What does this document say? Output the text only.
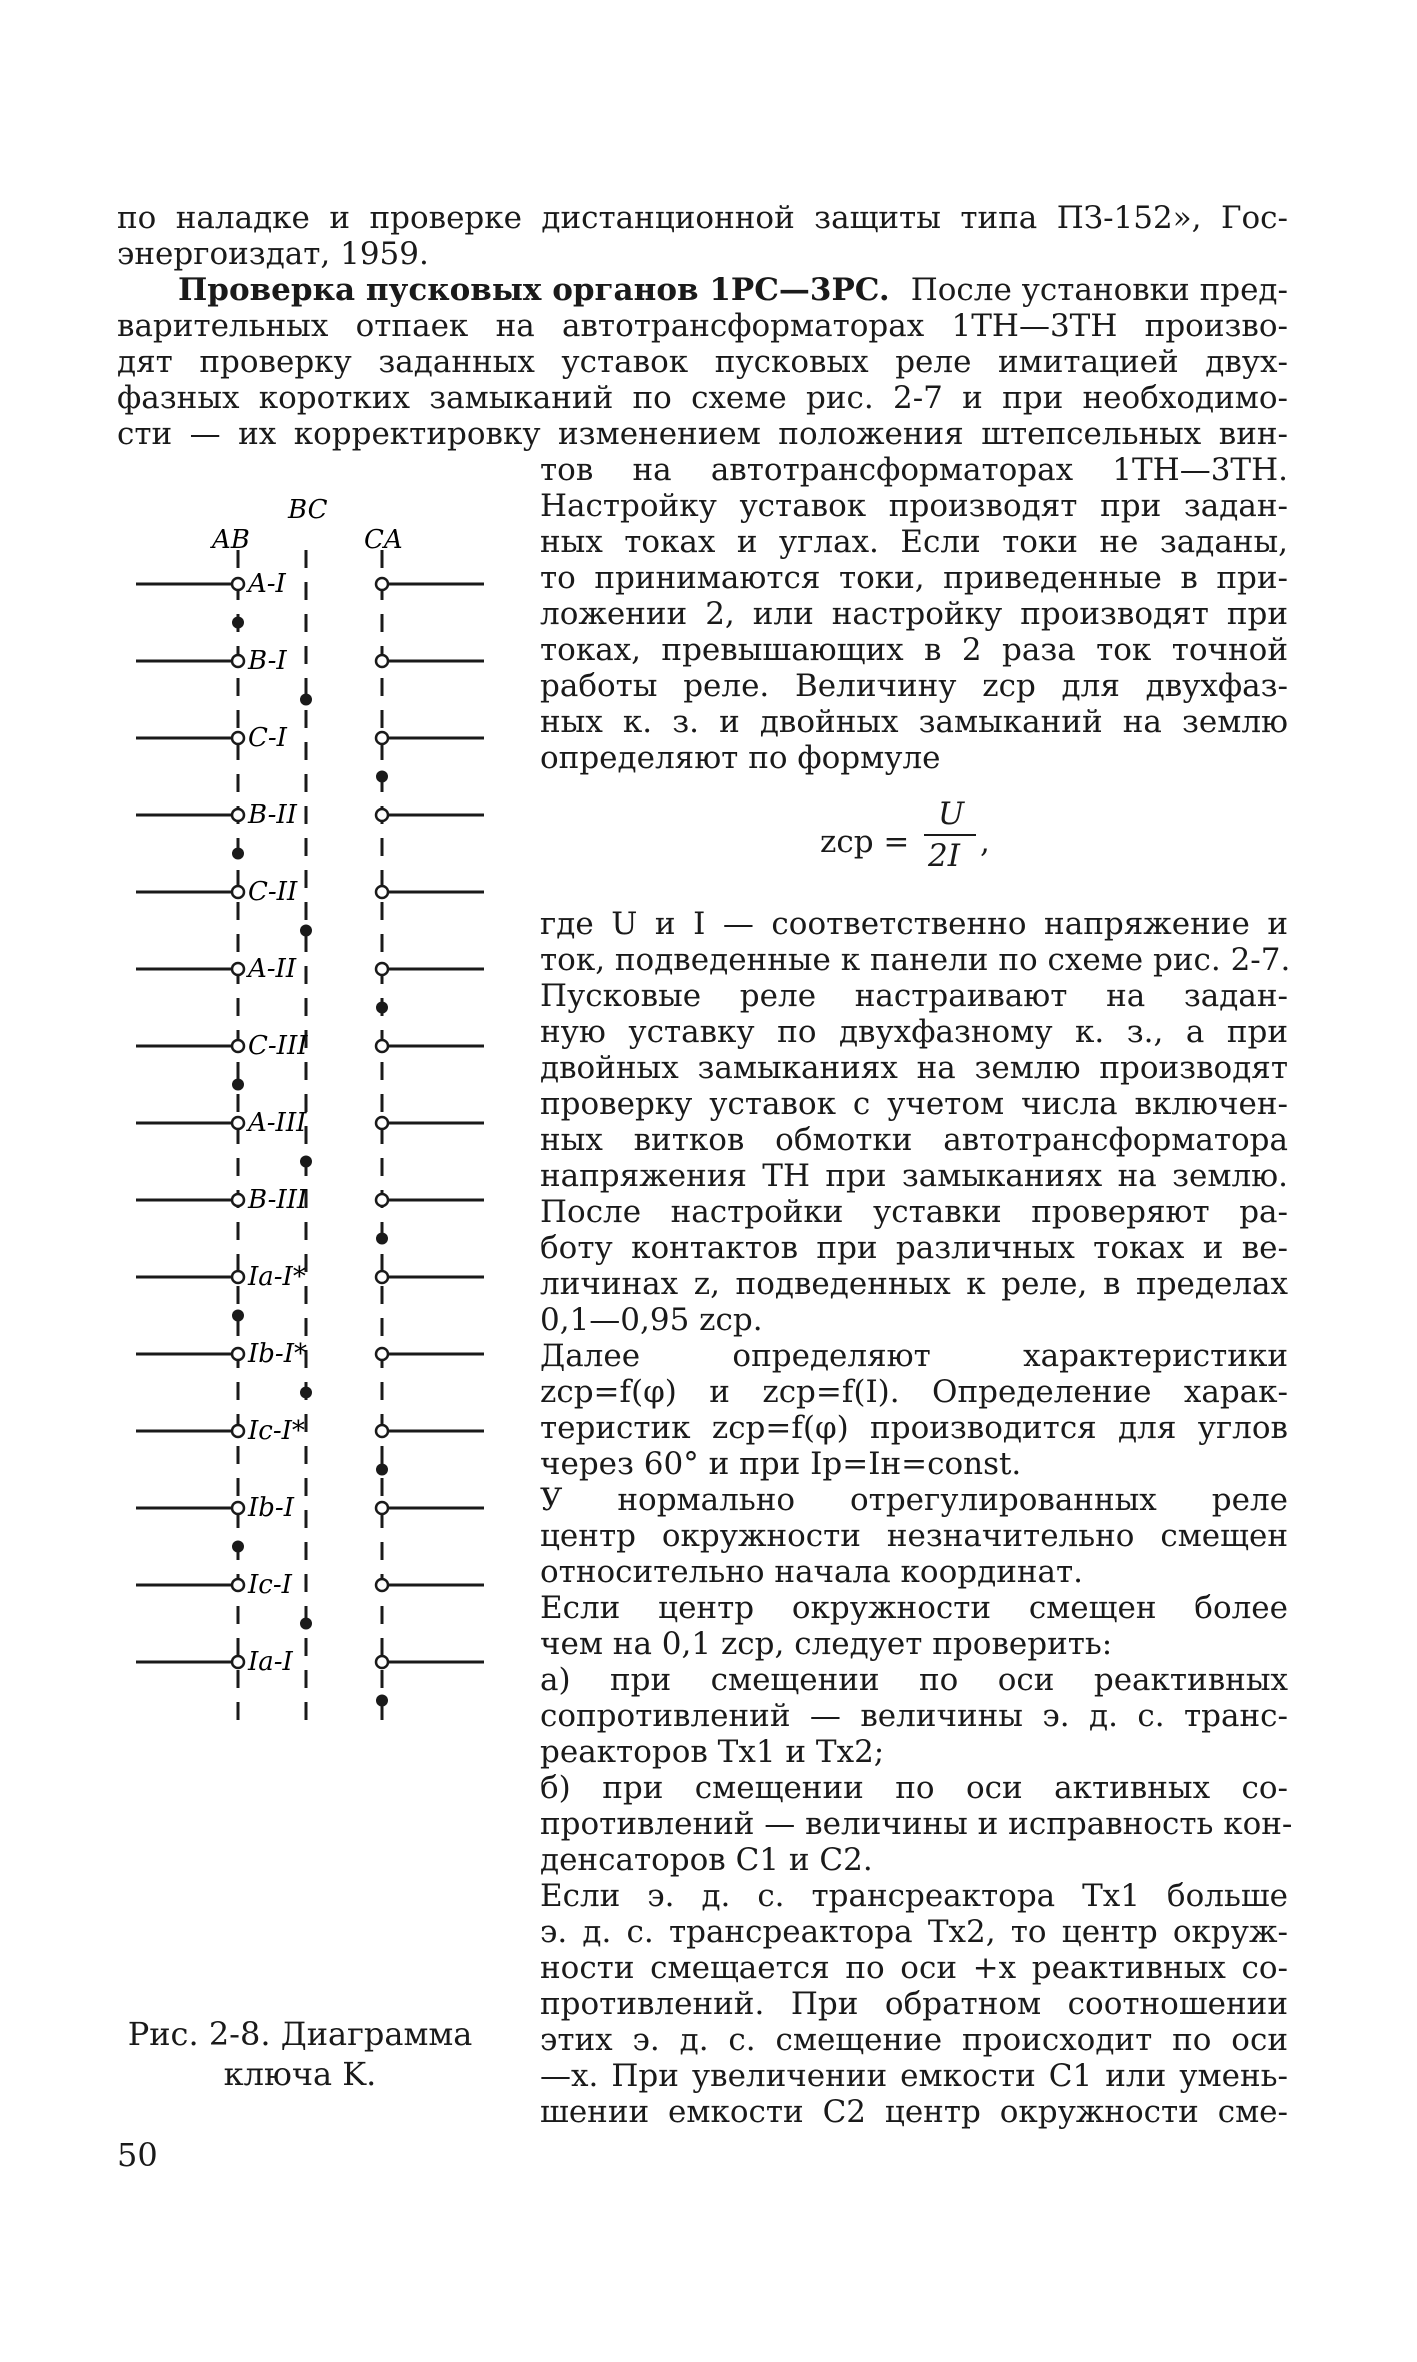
по наладке и проверке дистанционной защиты типа ПЗ-152», Гос-
энергоиздат, 1959.
Проверка пусковых органов 1PC—3PC. После установки пред-
варительных отпаек на автотрансформаторах 1TH—3TH произво-
дят проверку заданных уставок пусковых реле имитацией двух-
фазных коротких замыканий по схеме рис. 2-7 и при необходимо-
сти — их корректировку изменением положения штепсельных вин-
тов на автотрансформаторах 1TH—3TH.
Настройку уставок производят при задан-
ных токах и углах. Если токи не заданы,
то принимаются токи, приведенные в при-
ложении 2, или настройку производят при
токах, превышающих в 2 раза ток точной
работы реле. Величину zср для двухфаз-
ных к. з. и двойных замыканий на землю
определяют по формуле
zср =
U
2I ,
где U и I — соответственно напряжение и
ток, подведенные к панели по схеме рис. 2-7.
Пусковые реле настраивают на задан-
ную уставку по двухфазному к. з., а при
двойных замыканиях на землю производят
проверку уставок с учетом числа включен-
ных витков обмотки автотрансформатора
напряжения TH при замыканиях на землю.
После настройки уставки проверяют ра-
боту контактов при различных токах и ве-
личинах z, подведенных к реле, в пределах
0,1—0,95 zср.
Далее определяют характеристики
zср=f(φ) и zср=f(I). Определение харак-
теристик zср=f(φ) производится для углов
через 60° и при Iр=Iн=const.
У нормально отрегулированных реле
центр окружности незначительно смещен
относительно начала координат.
Если центр окружности смещен более
чем на 0,1 zср, следует проверить:
а) при смещении по оси реактивных
сопротивлений — величины э. д. с. транс-
реакторов Tx1 и Tx2;
б) при смещении по оси активных со-
противлений — величины и исправность кон-
денсаторов C1 и C2.
Если э. д. с. трансреактора Tx1 больше
э. д. с. трансреактора Tx2, то центр окруж-
ности смещается по оси +x реактивных со-
противлений. При обратном соотношении
этих э. д. с. смещение происходит по оси
—x. При увеличении емкости C1 или умень-
шении емкости C2 центр окружности сме-
AB
BC
CA
A-I
B-I
C-I
B-II
C-II
A-II
C-III
A-III
B-III
Ia-I*
Ib-I*
Ic-I*
Ib-I
Ic-I
Ia-I
Рис. 2-8. Диаграмма
ключа K.
50
